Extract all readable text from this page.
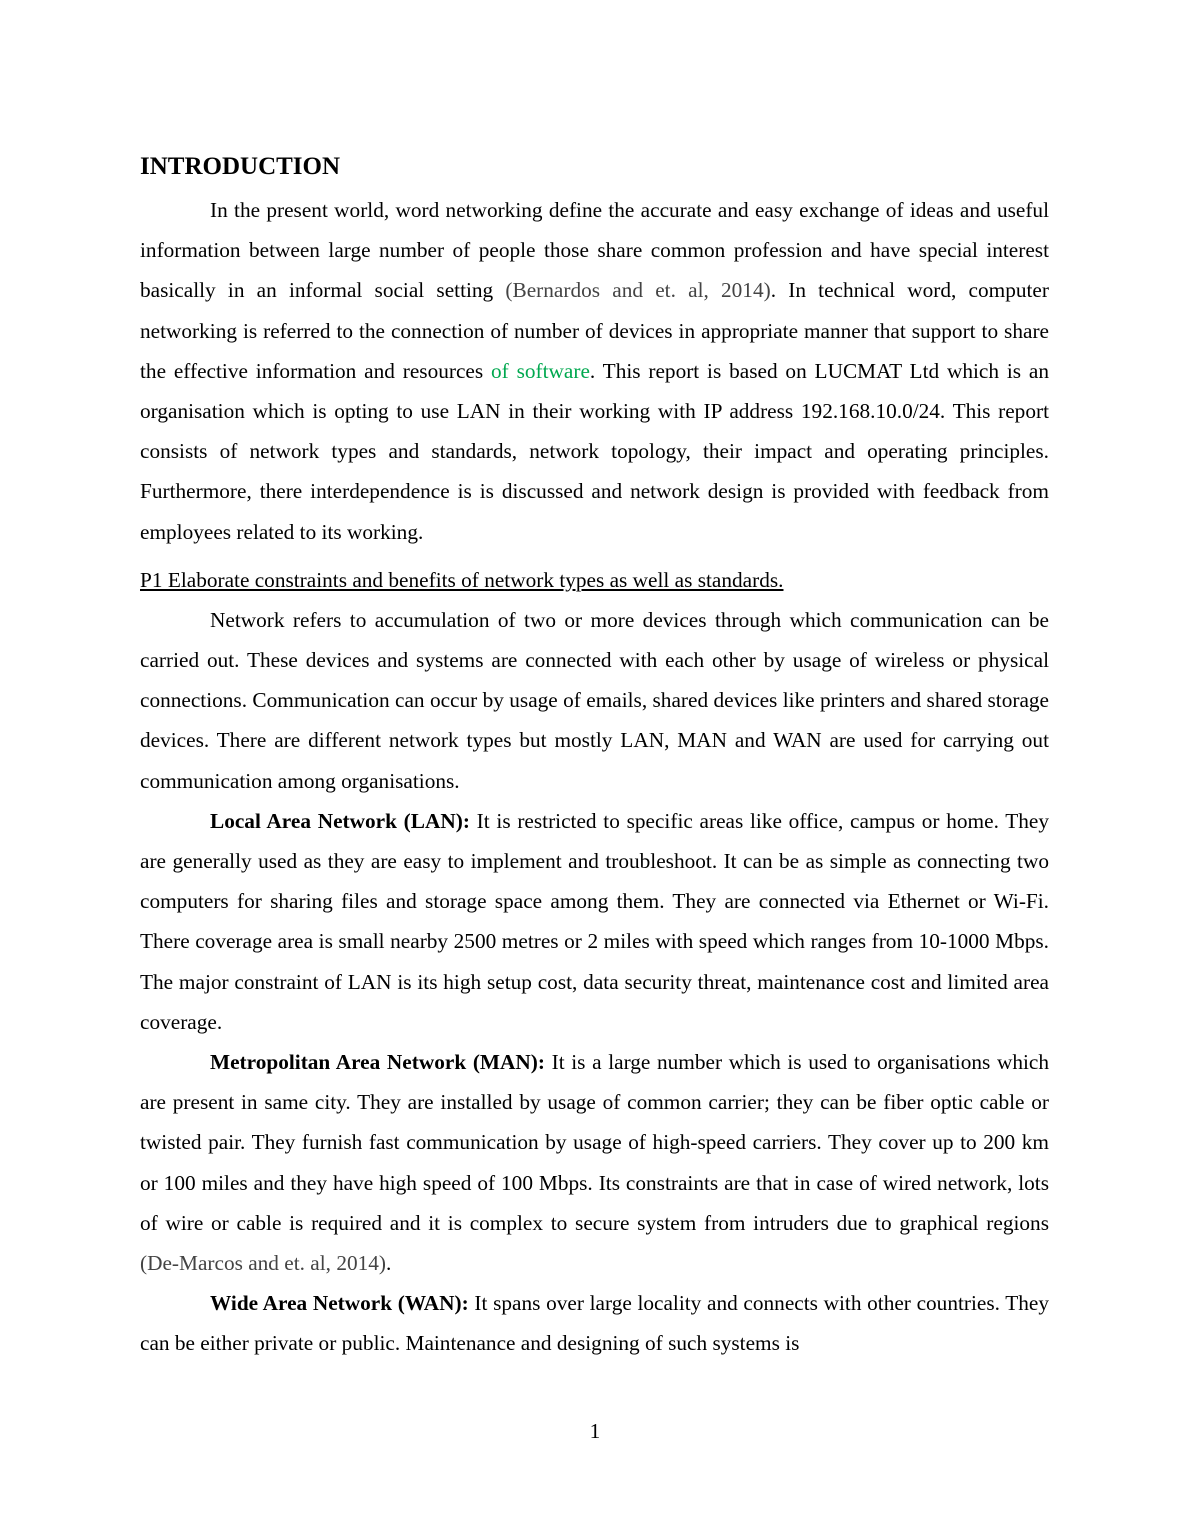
INTRODUCTION

In the present world, word networking define the accurate and easy exchange of ideas and useful information between large number of people those share common profession and have special interest basically in an informal social setting (Bernardos and et. al, 2014). In technical word, computer networking is referred to the connection of number of devices in appropriate manner that support to share the effective information and resources of software. This report is based on LUCMAT Ltd which is an organisation which is opting to use LAN in their working with IP address 192.168.10.0/24. This report consists of network types and standards, network topology, their impact and operating principles. Furthermore, there interdependence is is discussed and network design is provided with feedback from employees related to its working.

P1 Elaborate constraints and benefits of network types as well as standards.

Network refers to accumulation of two or more devices through which communication can be carried out. These devices and systems are connected with each other by usage of wireless or physical connections. Communication can occur by usage of emails, shared devices like printers and shared storage devices. There are different network types but mostly LAN, MAN and WAN are used for carrying out communication among organisations.

Local Area Network (LAN): It is restricted to specific areas like office, campus or home. They are generally used as they are easy to implement and troubleshoot. It can be as simple as connecting two computers for sharing files and storage space among them. They are connected via Ethernet or Wi-Fi. There coverage area is small nearby 2500 metres or 2 miles with speed which ranges from 10-1000 Mbps. The major constraint of LAN is its high setup cost, data security threat, maintenance cost and limited area coverage.

Metropolitan Area Network (MAN): It is a large number which is used to organisations which are present in same city. They are installed by usage of common carrier; they can be fiber optic cable or twisted pair. They furnish fast communication by usage of high-speed carriers. They cover up to 200 km or 100 miles and they have high speed of 100 Mbps. Its constraints are that in case of wired network, lots of wire or cable is required and it is complex to secure system from intruders due to graphical regions (De-Marcos and et. al, 2014).

Wide Area Network (WAN): It spans over large locality and connects with other countries. They can be either private or public. Maintenance and designing of such systems is

1
